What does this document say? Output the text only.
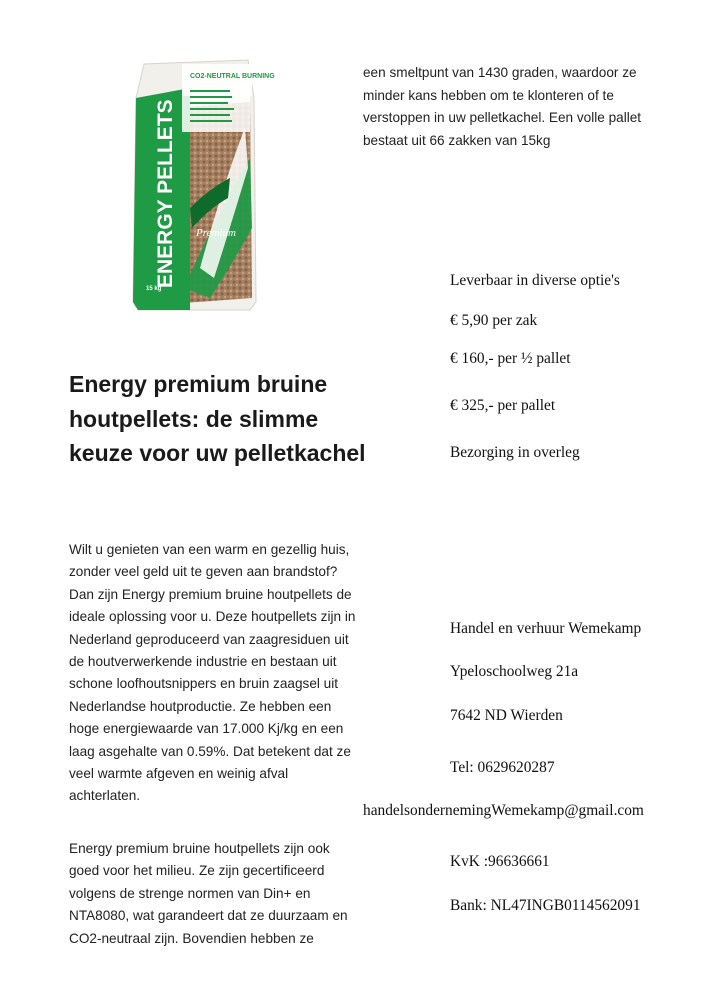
CO2-NEUTRAL BURNING
ENERGY PELLETS Premium
15 kg

een smeltpunt van 1430 graden, waardoor ze minder kans hebben om te klonteren of te verstoppen in uw pelletkachel. Een volle pallet bestaat uit 66 zakken van 15kg

Energy premium bruine houtpellets: de slimme keuze voor uw pelletkachel

Wilt u genieten van een warm en gezellig huis, zonder veel geld uit te geven aan brandstof? Dan zijn Energy premium bruine houtpellets de ideale oplossing voor u. Deze houtpellets zijn in Nederland geproduceerd van zaagresiduen uit de houtverwerkende industrie en bestaan uit schone loofhoutsnippers en bruin zaagsel uit Nederlandse houtproductie. Ze hebben een hoge energiewaarde van 17.000 Kj/kg en een laag asgehalte van 0.59%. Dat betekent dat ze veel warmte afgeven en weinig afval achterlaten.

Energy premium bruine houtpellets zijn ook goed voor het milieu. Ze zijn gecertificeerd volgens de strenge normen van Din+ en NTA8080, wat garandeert dat ze duurzaam en CO2-neutraal zijn. Bovendien hebben ze

Leverbaar in diverse optie's
€ 5,90 per zak
€ 160,- per ½ pallet
€ 325,- per pallet
Bezorging in overleg
Handel en verhuur Wemekamp
Ypeloschoolweg 21a
7642 ND Wierden
Tel: 0629620287
handelsondernemingWemekamp@gmail.com
KvK :96636661
Bank: NL47INGB0114562091
